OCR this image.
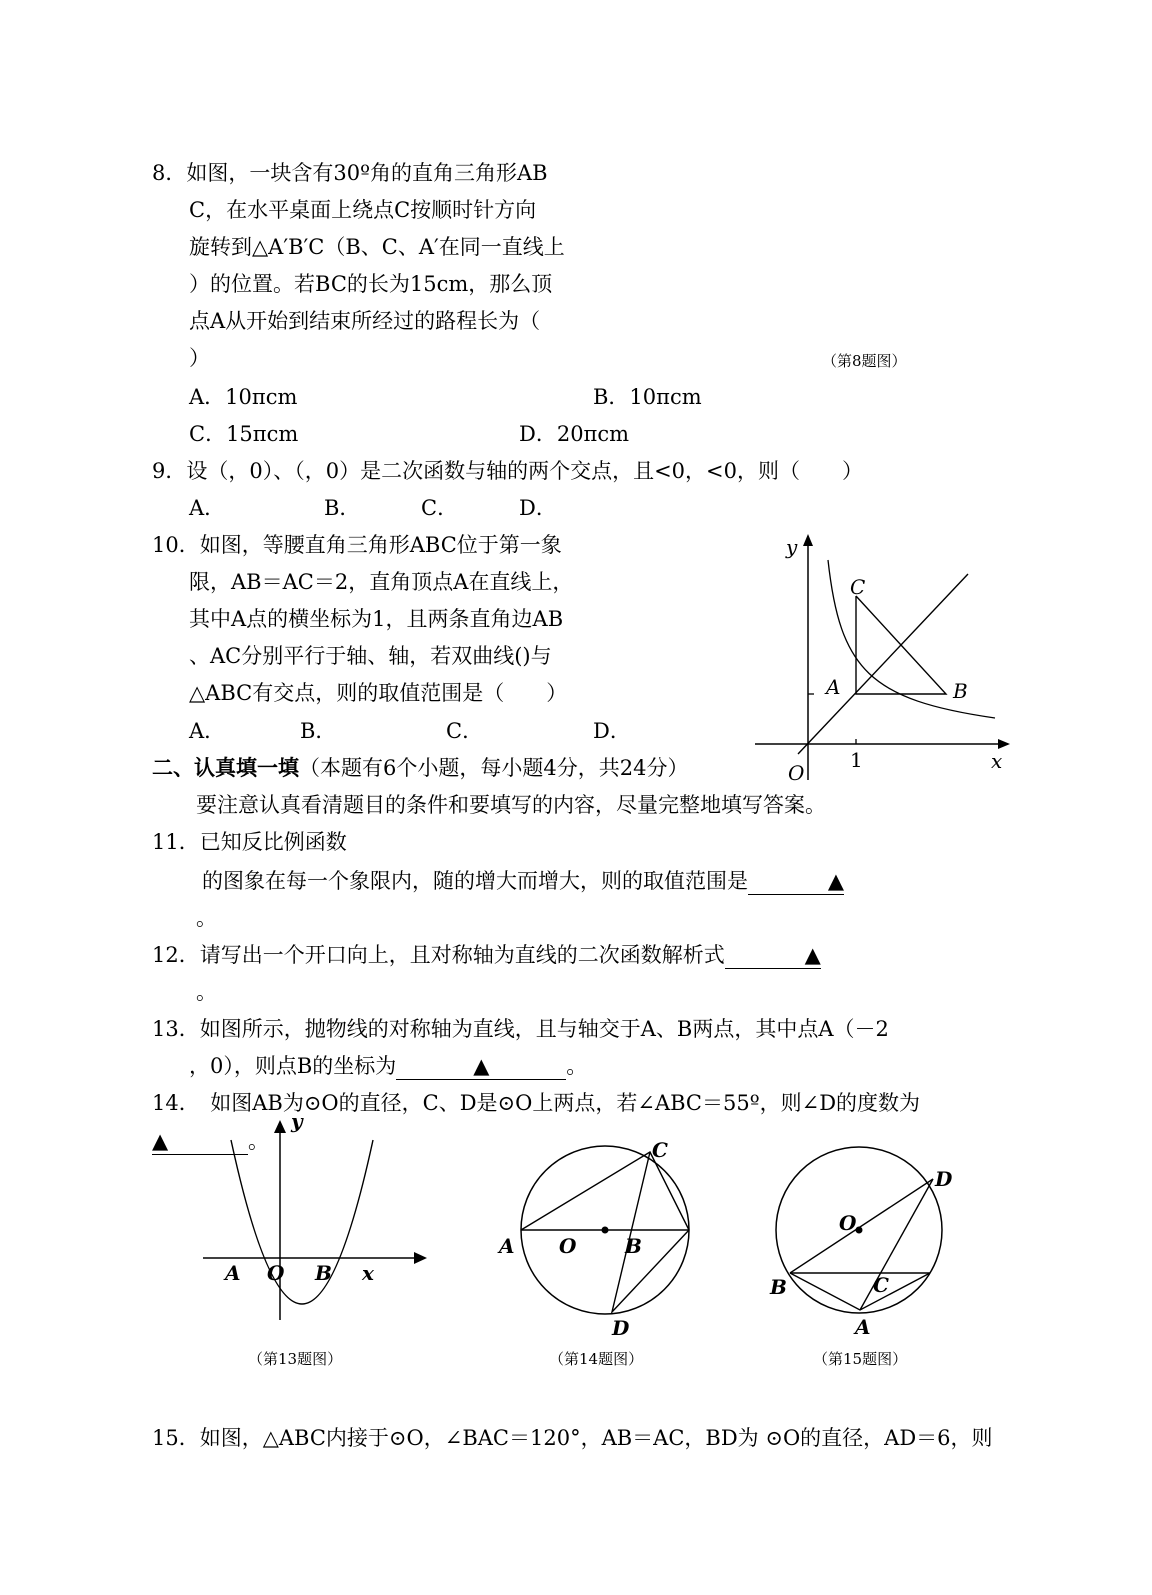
8．如图，一块含有30º角的直角三角形AB
C，在水平桌面上绕点C按顺时针方向
旋转到△A′B′C（B、C、A′在同一直线上
）的位置。若BC的长为15cm，那么顶
点A从开始到结束所经过的路程长为（
）	（第8题图）
A．10πcm	B．10πcm
C．15πcm	D．20πcm
9．设（，0）、（，0）是二次函数与轴的两个交点，且<0，<0，则（　　）
A．	B．	C．	D．
10．如图，等腰直角三角形ABC位于第一象
限，AB＝AC＝2，直角顶点A在直线上，
其中A点的横坐标为1，且两条直角边AB
、AC分别平行于轴、轴，若双曲线()与
△ABC有交点，则的取值范围是（　　）
A．	B．	C．	D．
y
x
O
1
C
A	B
二、认真填一填（本题有6个小题，每小题4分，共24分）
要注意认真看清题目的条件和要填写的内容，尽量完整地填写答案。
11．已知反比例函数
的图象在每一个象限内，随的增大而增大，则的取值范围是	▲
。
12．请写出一个开口向上，且对称轴为直线的二次函数解析式	▲
。
13．如图所示，抛物线的对称轴为直线，且与轴交于A、B两点，其中点A（－2
，0），则点B的坐标为	▲	。
14．　如图AB为⊙O的直径，C、D是⊙O上两点，若∠ABC＝55º，则∠D的度数为
▲	。
y
x
A O B
（第13题图）
A O B
C
D
（第14题图）
O
D
B	C
A
（第15题图）
15．如图，△ABC内接于⊙O，∠BAC＝120°，AB＝AC，BD为 ⊙O的直径，AD＝6，则
